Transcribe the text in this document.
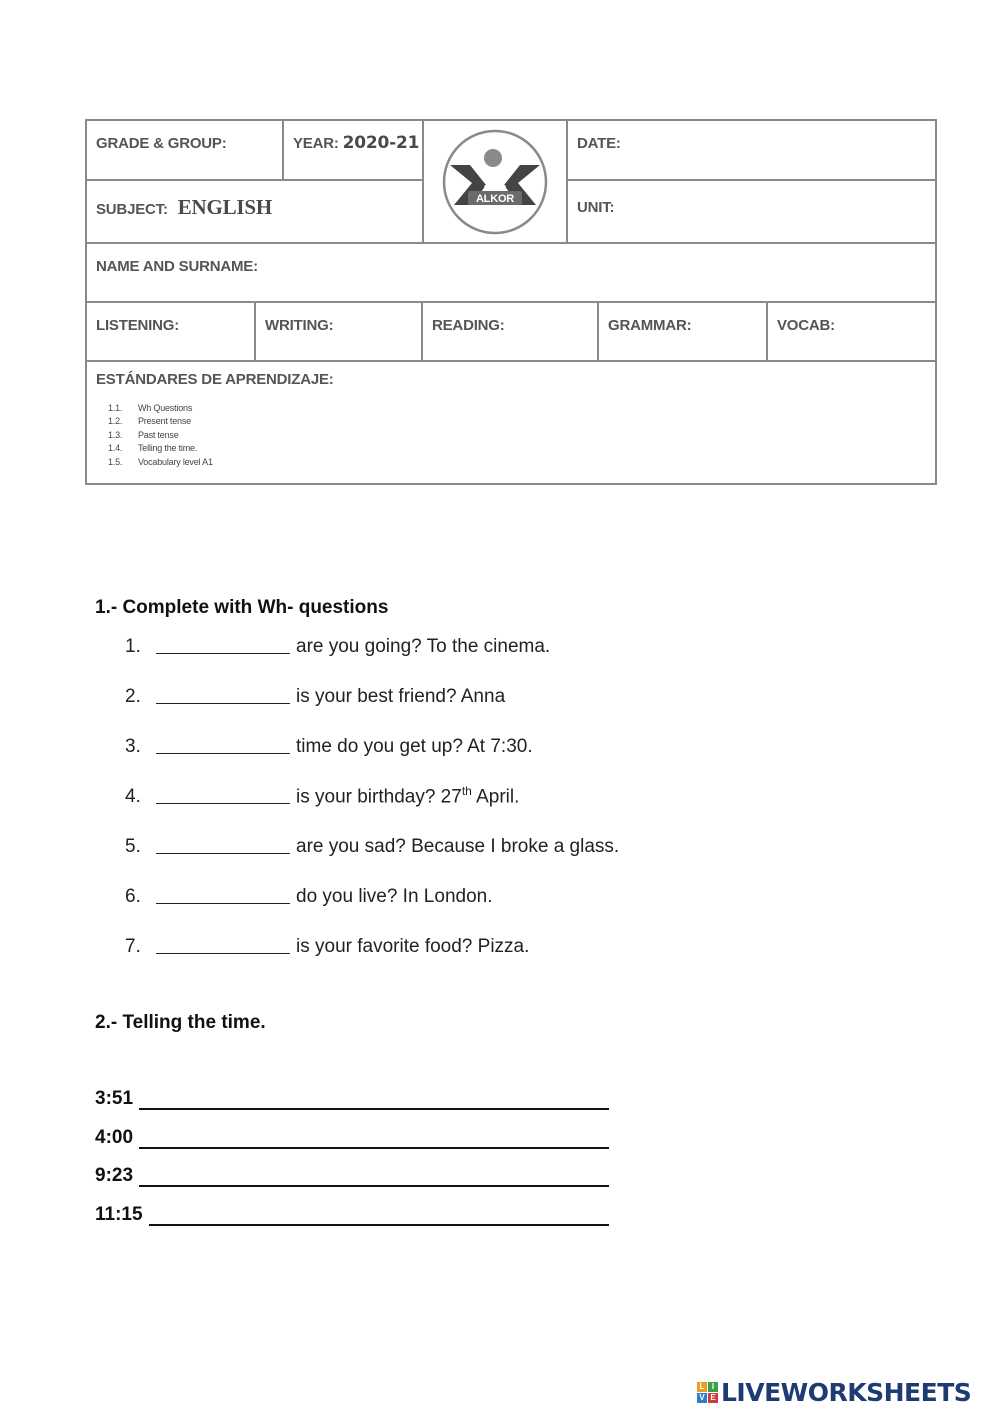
GRADE & GROUP:	YEAR: 2020-21
ALKOR
COLEGIO
DATE:
SUBJECT: ENGLISH	UNIT:
NAME AND SURNAME:
LISTENING:	WRITING:	READING:	GRAMMAR:	VOCAB:
ESTÁNDARES DE APRENDIZAJE:
1.1. Wh Questions
1.2. Present tense
1.3. Past tense
1.4. Telling the time.
1.5. Vocabulary level A1
1.- Complete with Wh- questions
1.	are you going? To the cinema.
2.	is your best friend? Anna
3.	time do you get up? At 7:30.
4.	is your birthday? 27th April.
5.	are you sad? Because I broke a glass.
6.	do you live? In London.
7.	is your favorite food? Pizza.
2.- Telling the time.
3:51
4:00
9:23
11:15
L I
V E LIVEWORKSHEETS
